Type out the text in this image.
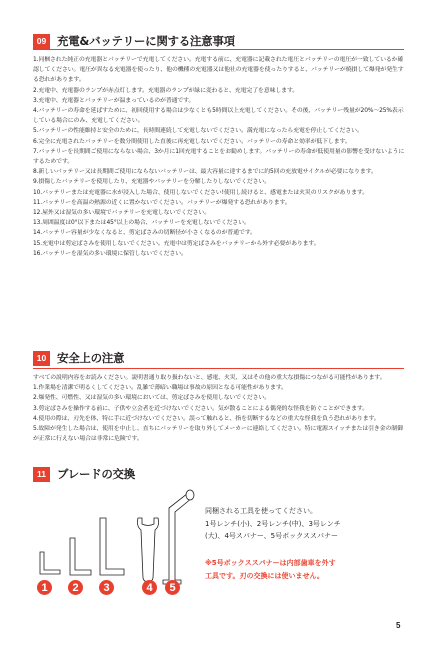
09 充電&バッテリーに関する注意事項

1.同梱された純正の充電器とバッテリーで充電してください。充電する前に、充電器に記載された電圧とバッテリーの電圧が一致しているか確認してください。電圧が異なる充電器を使ったり、他の機種の充電器又は他社の充電器を使ったりすると、バッテリーが焼損して爆発が発生する恐れがあります。

2.充電中、充電器のランプが赤点灯します。充電器のランプが緑に変わると、充電完了を意味します。

3.充電中、充電器とバッテリーが温まっているのが普通です。

4.バッテリーの寿命を延ばすために、初回使用する場合は少なくとも5時間以上充電してください。その後、バッテリー残量が20%〜25%表示している場合にのみ、充電してください。

5.バッテリーの性能維持と安全のために、長時間連続して充電しないでください。満充電になったら充電を停止してください。

6.完全に充電されたバッテリーを数分間使用した直後に再充電しないでください。バッテリーの寿命と効率が低下します。

7.バッテリーを長期間ご使用にならない場合、3か月に1回充電することをお勧めします。バッテリーの寿命が低使用量の影響を受けないようにするためです。

8.新しいバッテリー又は長期間ご使用にならないバッテリーは、最大容量に達するまでに約5回の充放電サイクルが必要になります。

9.損傷したバッテリーを使用したり、充電器やバッテリーを分解したりしないでください。

10.バッテリーまたは充電器に水が浸入した場合、使用しないでください!使用し続けると、感電または火災のリスクがあります。

11.バッテリーを高温の熱源の近くに置かないでください。バッテリーが爆発する恐れがあります。

12.屋外又は湿気の多い環境でバッテリーを充電しないでください。

13.周囲温度は0°以下または45°以上の場合、バッテリーを充電しないでください。

14.バッテリー容量が少なくなると、剪定ばさみの切断径が小さくなるのが普通です。

15.充電中は剪定ばさみを使用しないでください。充電中は剪定ばさみをバッテリーから外す必要があります。

16.バッテリーを湿気の多い環境に保管しないでください。

10 安全上の注意

すべての説明内容をお読みください。説明書通り取り扱わないと、感電、火災、又はその他の重大な損傷につながる可能性があります。

1.作業場を清潔で明るくしてください。乱雑で薄暗い職場は事故の原因となる可能性があります。

2.爆発性、可燃性、又は湿気の多い環境においては、剪定ばさみを使用しないでください。

3.剪定ばさみを操作する前に、子供や立会者を近づけないでください。気が散ることによる偶発的な怪我を防ぐことができます。

4.使用の際は、刃先を体、特に手に近づけないでください。誤って触れると、指を切断するなどの重大な怪我を負う恐れがあります。

5.故障が発生した場合は、使用を中止し、直ちにバッテリーを取り外してメーカーに連絡してください。特に電源スイッチまたは引き金の制御が正常に行えない場合は非常に危険です。

11 ブレードの交換
1	2	3	4	5

同梱される工具を使ってください。

1号レンチ(小)、2号レンチ(中)、3号レンチ

(大)、4号スパナー、5号ボックススパナー

※5号ボックススパナーは内部歯車を外す

工具です。刃の交換には使いません。

5
